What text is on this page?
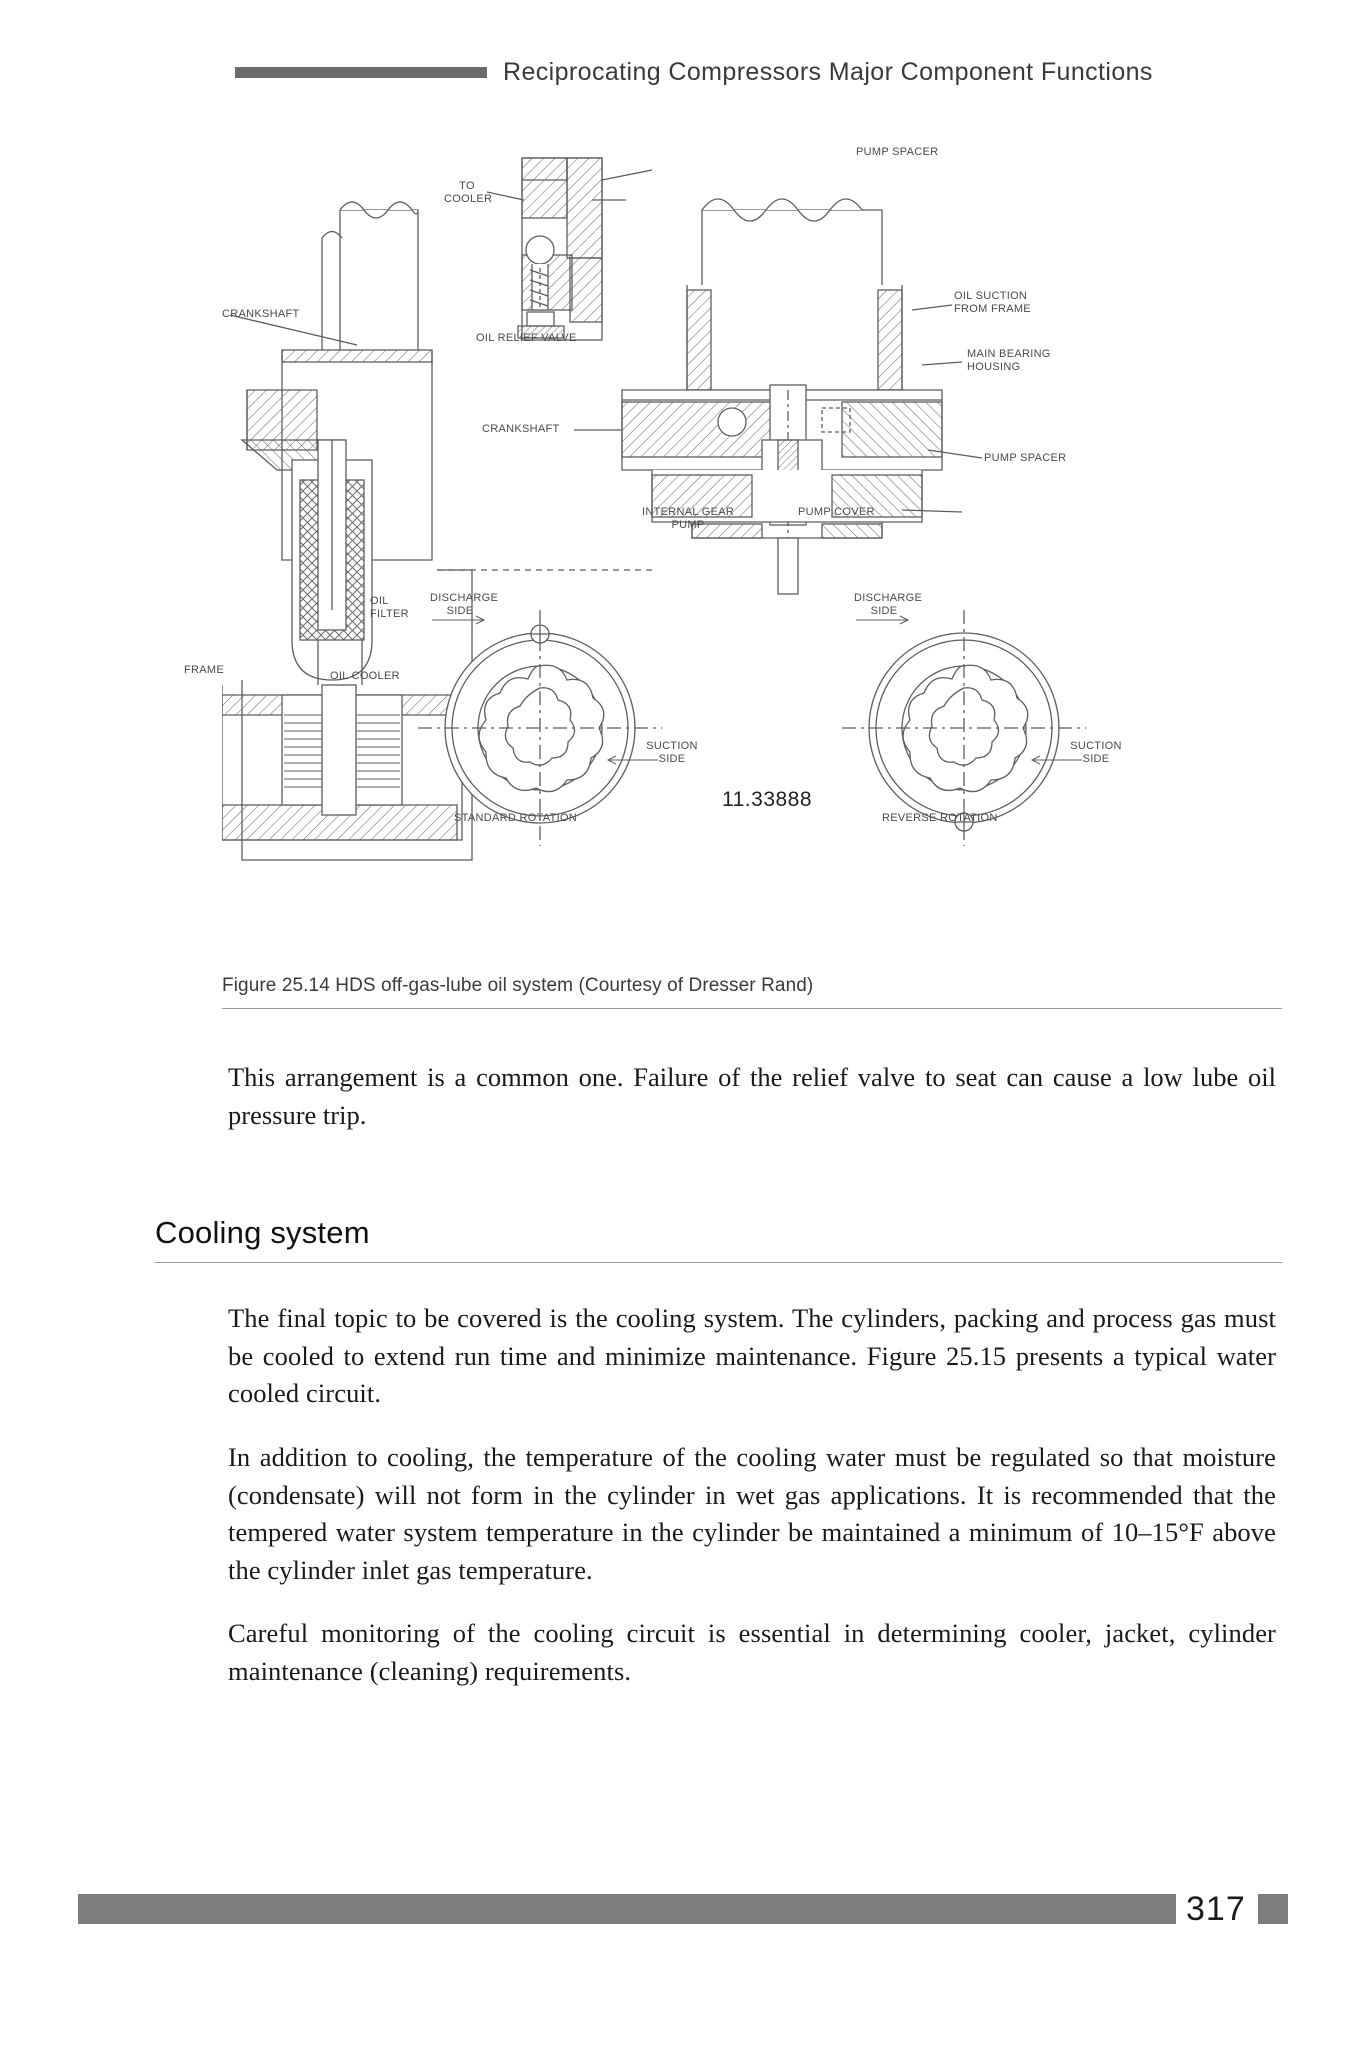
Reciprocating Compressors Major Component Functions
PUMP SPACER
TO
COOLER
CRANKSHAFT
OIL RELIEF VALVE
CRANKSHAFT
OIL SUCTION
FROM FRAME
MAIN BEARING
HOUSING
PUMP SPACER
OIL
FILTER
INTERNAL GEAR
PUMP
PUMP COVER
DISCHARGE
SIDE
DISCHARGE
SIDE
SUCTION
SIDE
SUCTION
SIDE
FRAME	OIL COOLER
STANDARD ROTATION	REVERSE ROTATION
11.33888
Figure 25.14 HDS off-gas-lube oil system (Courtesy of Dresser Rand)

This arrangement is a common one. Failure of the relief valve to seat can cause a low lube oil pressure trip.

Cooling system

The final topic to be covered is the cooling system. The cylinders, packing and process gas must be cooled to extend run time and minimize maintenance. Figure 25.15 presents a typical water cooled circuit.

In addition to cooling, the temperature of the cooling water must be regulated so that moisture (condensate) will not form in the cylinder in wet gas applications. It is recommended that the tempered water system temperature in the cylinder be maintained a minimum of 10–15°F above the cylinder inlet gas temperature.

Careful monitoring of the cooling circuit is essential in determining cooler, jacket, cylinder maintenance (cleaning) requirements.

317
